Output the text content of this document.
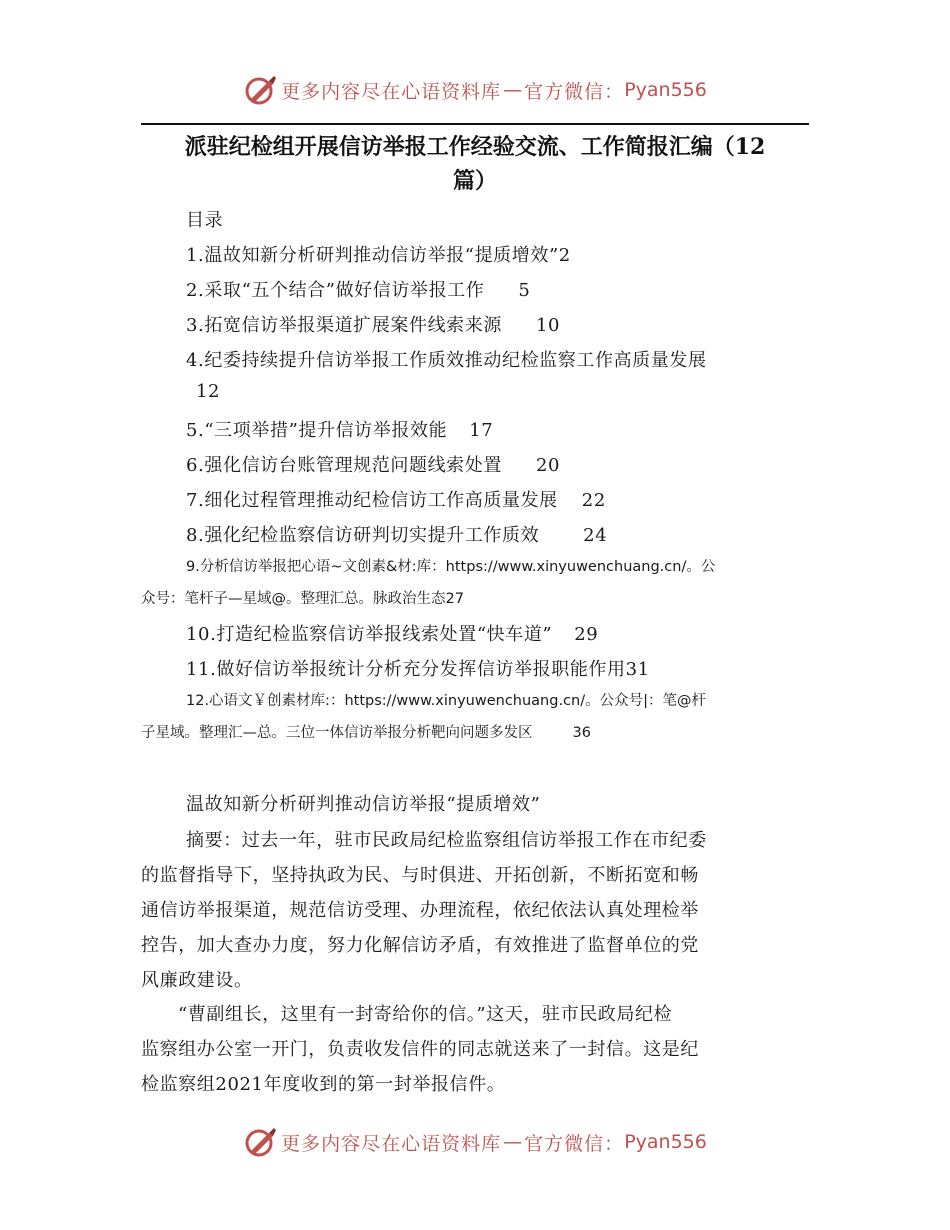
更多内容尽在心语资料库 — 官方微信： Pyan556
派驻纪检组开展信访举报工作经验交流、工作简报汇编（12
篇）
目录
1.温故知新分析研判推动信访举报“提质增效”2
2.采取“五个结合”做好信访举报工作 5
3.拓宽信访举报渠道扩展案件线索来源 10
4.纪委持续提升信访举报工作质效推动纪检监察工作高质量发展
12
5.“三项举措”提升信访举报效能 17
6.强化信访台账管理规范问题线索处置 20
7.细化过程管理推动纪检信访工作高质量发展 22
8.强化纪检监察信访研判切实提升工作质效 24
9.分析信访举报把心语~文创素&材:库：https://www.xinyuwenchuang.cn/。公
众号：笔杆子—星域@。整理汇总。脉政治生态27
10.打造纪检监察信访举报线索处置“快车道” 29
11.做好信访举报统计分析充分发挥信访举报职能作用31
12.心语文￥创素材库:：https://www.xinyuwenchuang.cn/。公众号|：笔@杆
子星域。整理汇—总。三位一体信访举报分析靶向问题多发区	36
温故知新分析研判推动信访举报“提质增效”
摘要：过去一年，驻市民政局纪检监察组信访举报工作在市纪委
的监督指导下，坚持执政为民、与时俱进、开拓创新，不断拓宽和畅
通信访举报渠道，规范信访受理、办理流程，依纪依法认真处理检举
控告，加大查办力度，努力化解信访矛盾，有效推进了监督单位的党
风廉政建设。
“曹副组长，这里有一封寄给你的信。”这天，驻市民政局纪检
监察组办公室一开门，负责收发信件的同志就送来了一封信。这是纪
检监察组2021年度收到的第一封举报信件。
更多内容尽在心语资料库 — 官方微信： Pyan556
